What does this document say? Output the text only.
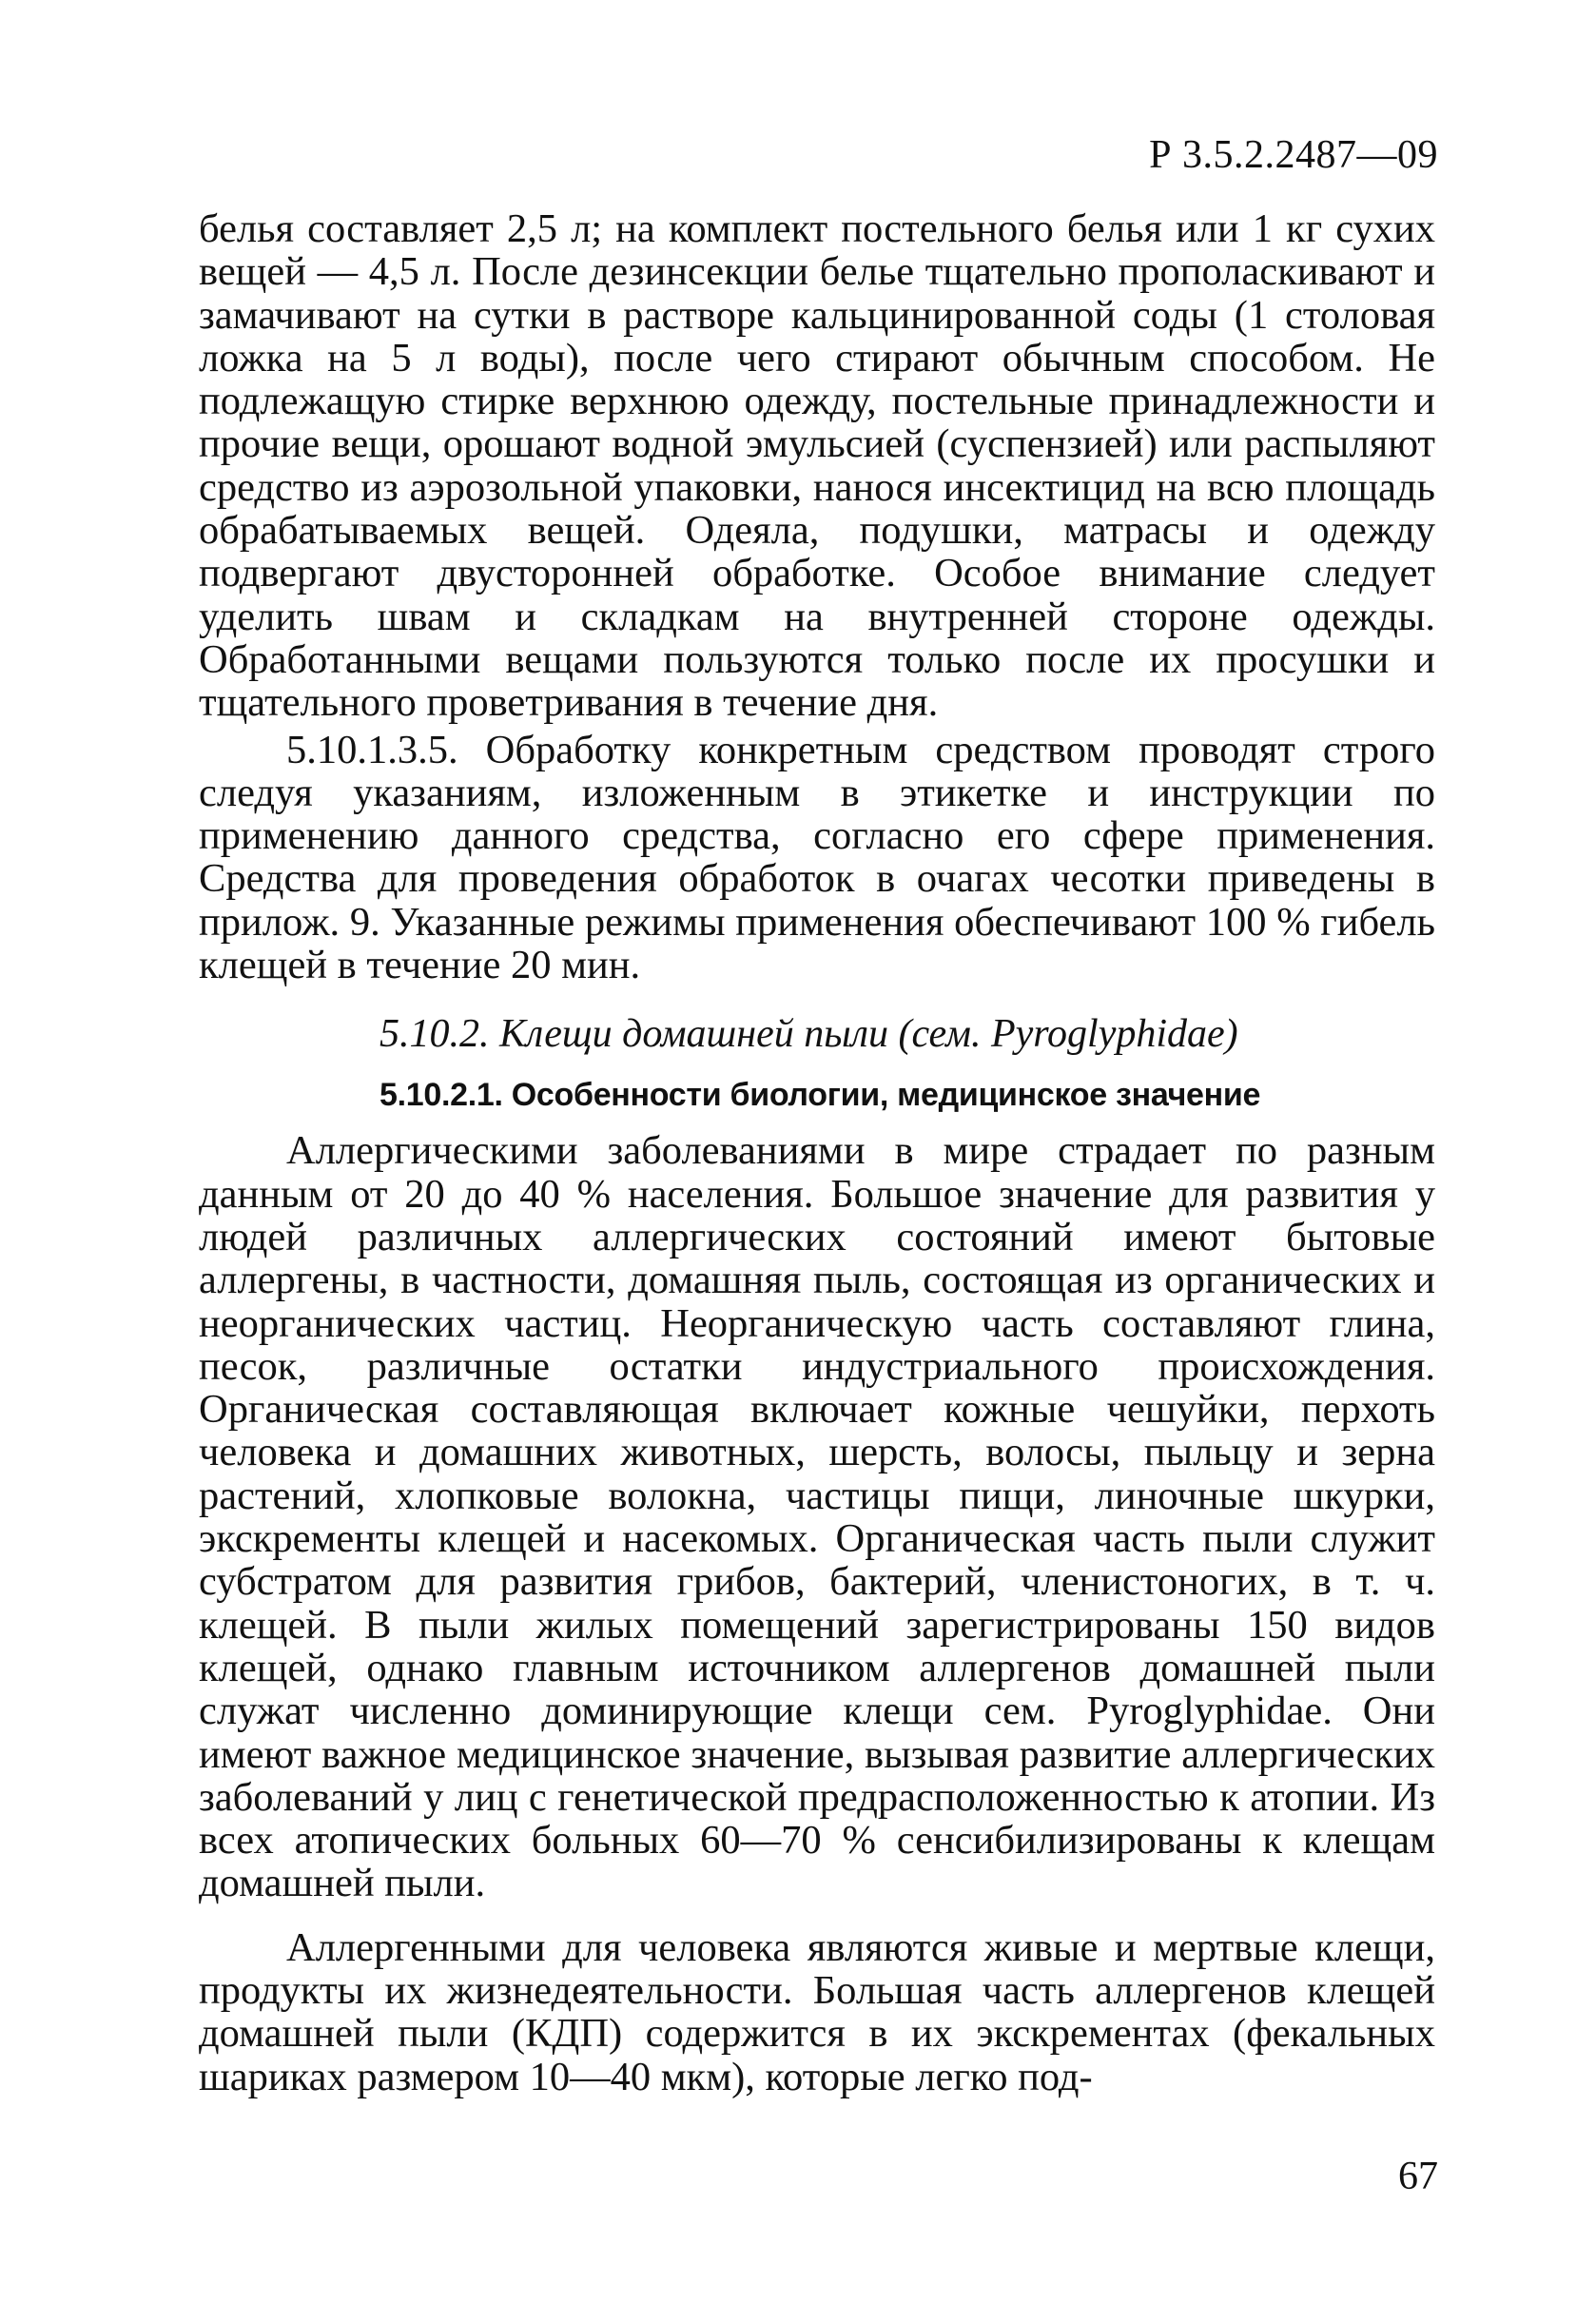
Р 3.5.2.2487—09

белья составляет 2,5 л; на комплект постельного белья или 1 кг сухих вещей — 4,5 л. После дезинсекции белье тщательно прополаскивают и замачивают на сутки в растворе кальцинированной соды (1 столовая ложка на 5 л воды), после чего стирают обычным способом. Не подлежащую стирке верхнюю одежду, постельные принадлежности и прочие вещи, орошают водной эмульсией (суспензией) или распыляют средство из аэрозольной упаковки, нанося инсектицид на всю площадь обрабатываемых вещей. Одеяла, подушки, матрасы и одежду подвергают двусторонней обработке. Особое внимание следует уделить швам и складкам на внутренней стороне одежды. Обработанными вещами пользуются только после их просушки и тщательного проветривания в течение дня.

5.10.1.3.5. Обработку конкретным средством проводят строго следуя указаниям, изложенным в этикетке и инструкции по применению данного средства, согласно его сфере применения. Средства для проведения обработок в очагах чесотки приведены в прилож. 9. Указанные режимы применения обеспечивают 100 % гибель клещей в течение 20 мин.

5.10.2. Клещи домашней пыли (сем. Pyroglyphidae)

5.10.2.1. Особенности биологии, медицинское значение

Аллергическими заболеваниями в мире страдает по разным данным от 20 до 40 % населения. Большое значение для развития у людей различных аллергических состояний имеют бытовые аллергены, в частности, домашняя пыль, состоящая из органических и неорганических частиц. Неорганическую часть составляют глина, песок, различные остатки индустриального происхождения. Органическая составляющая включает кожные чешуйки, перхоть человека и домашних животных, шерсть, волосы, пыльцу и зерна растений, хлопковые волокна, частицы пищи, линочные шкурки, экскременты клещей и насекомых. Органическая часть пыли служит субстратом для развития грибов, бактерий, членистоногих, в т. ч. клещей. В пыли жилых помещений зарегистрированы 150 видов клещей, однако главным источником аллергенов домашней пыли служат численно доминирующие клещи сем. Pyroglyphidae. Они имеют важное медицинское значение, вызывая развитие аллергических заболеваний у лиц с генетической предрасположенностью к атопии. Из всех атопических больных 60—70 % сенсибилизированы к клещам домашней пыли.

Аллергенными для человека являются живые и мертвые клещи, продукты их жизнедеятельности. Большая часть аллергенов клещей домашней пыли (КДП) содержится в их экскрементах (фекальных шариках размером 10—40 мкм), которые легко под-

67
